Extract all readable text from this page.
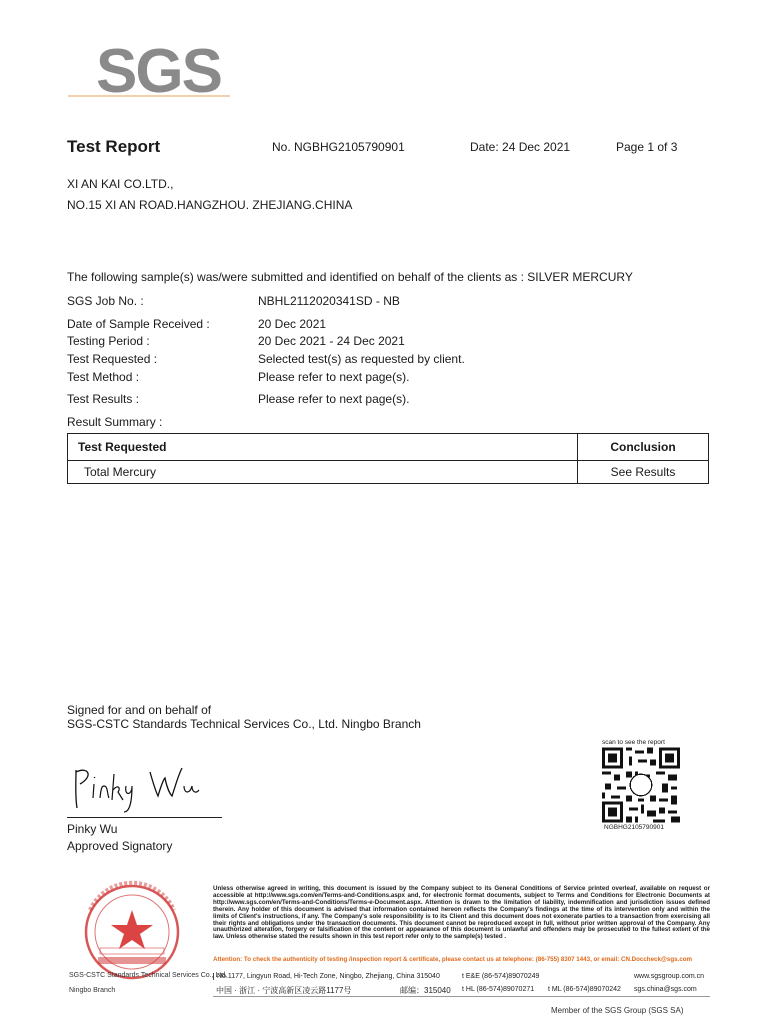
SGS
Test Report	No. NGBHG2105790901	Date: 24 Dec 2021	Page 1 of 3
XI AN KAI CO.LTD.,
NO.15 XI AN ROAD.HANGZHOU. ZHEJIANG.CHINA
The following sample(s) was/were submitted and identified on behalf of the clients as : SILVER MERCURY
SGS Job No. :	NBHL2112020341SD - NB
Date of Sample Received :	20 Dec 2021
Testing Period :	20 Dec 2021 - 24 Dec 2021
Test Requested :	Selected test(s) as requested by client.
Test Method :	Please refer to next page(s).
Test Results :	Please refer to next page(s).
Result Summary :
Test Requested	Conclusion
Total Mercury	See Results
Signed for and on behalf of
SGS-CSTC Standards Technical Services Co., Ltd. Ningbo Branch
Pinky Wu
Approved Signatory
scan to see the report
NGBHG2105790901
SGS-CSTC Standards Technical Services Co., Ltd.
Ningbo Branch
Unless otherwise agreed in writing, this document is issued by the Company subject to its General Conditions of Service printed overleaf, available on request or accessible at http://www.sgs.com/en/Terms-and-Conditions.aspx and, for electronic format documents, subject to Terms and Conditions for Electronic Documents at http://www.sgs.com/en/Terms-and-Conditions/Terms-e-Document.aspx. Attention is drawn to the limitation of liability, indemnification and jurisdiction issues defined therein. Any holder of this document is advised that information contained hereon reflects the Company's findings at the time of its intervention only and within the limits of Client's instructions, if any. The Company's sole responsibility is to its Client and this document does not exonerate parties to a transaction from exercising all their rights and obligations under the transaction documents. This document cannot be reproduced except in full, without prior written approval of the Company. Any unauthorized alteration, forgery or falsification of the content or appearance of this document is unlawful and offenders may be prosecuted to the fullest extent of the law. Unless otherwise stated the results shown in this test report refer only to the sample(s) tested .
Attention: To check the authenticity of testing /inspection report & certificate, please contact us at telephone: (86-755) 8307 1443, or email: CN.Doccheck@sgs.com
No.1177, Lingyun Road, Hi-Tech Zone, Ningbo, Zhejiang, China 315040	t E&E (86-574)89070249	www.sgsgroup.com.cn
中国 · 浙江 · 宁波高新区凌云路1177号	邮编：315040 t HL (86-574)89070271 t ML (86-574)89070242 sgs.china@sgs.com
Member of the SGS Group (SGS SA)
